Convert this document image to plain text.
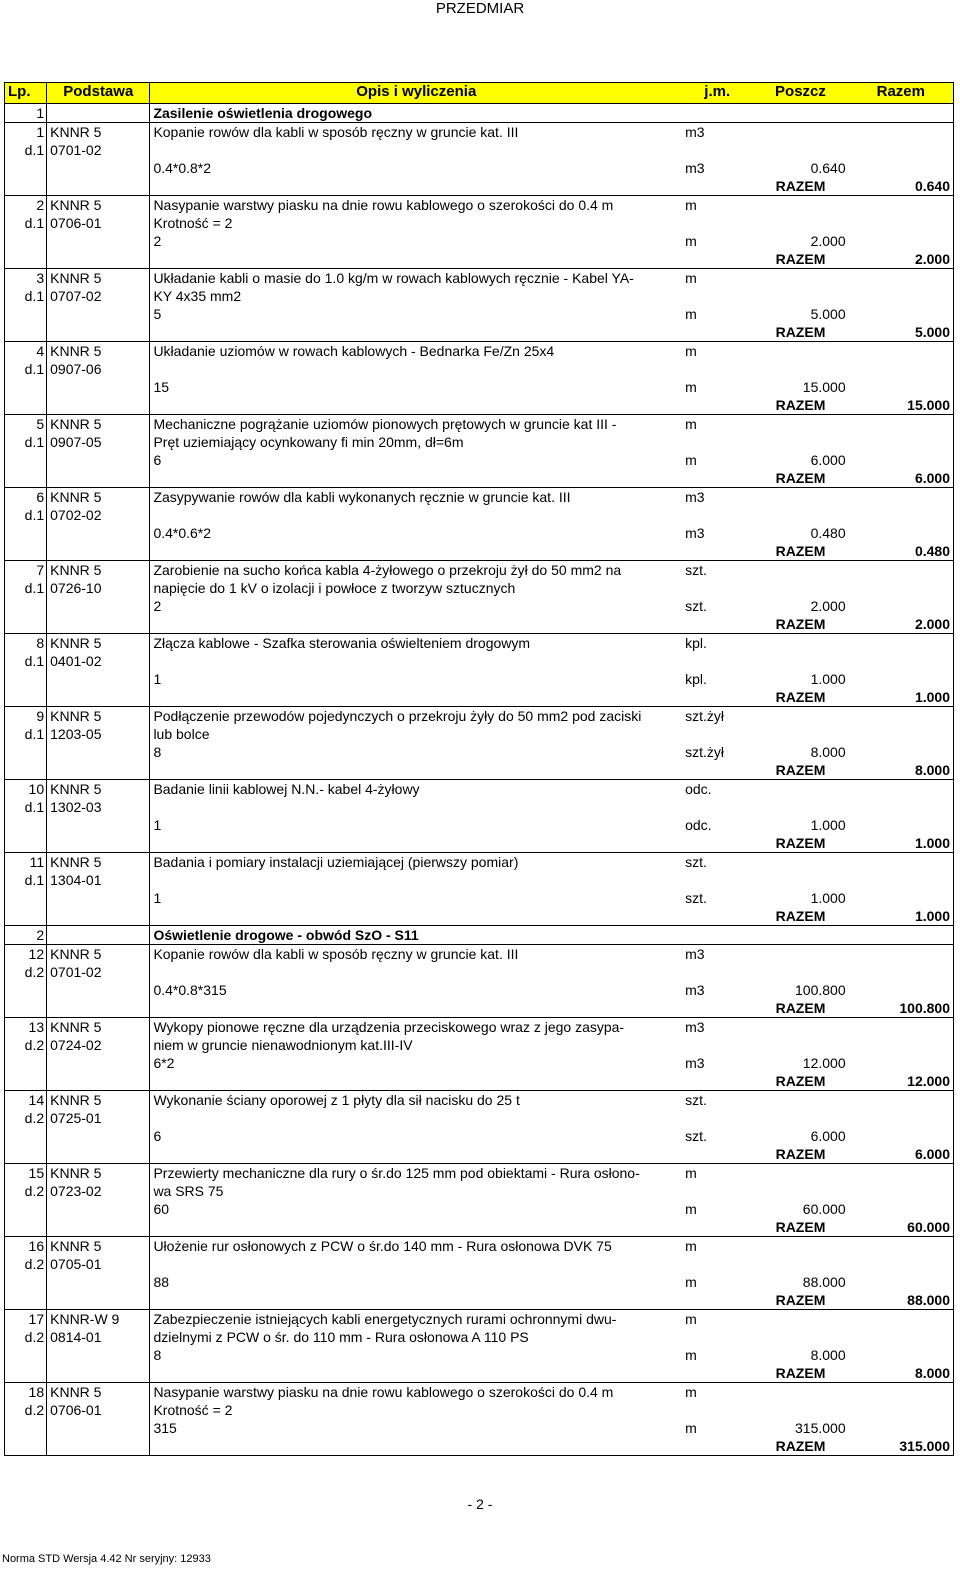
PRZEDMIAR
Lp.	Podstawa	Opis i wyliczenia	j.m.	Poszcz	Razem
1		Zasilenie oświetlenia drogowego			
1	KNNR 5	Kopanie rowów dla kabli w sposób ręczny w gruncie kat. III	m3		
d.1	0701-02				
		0.4*0.8*2	m3	0.640	
				RAZEM	0.640
2	KNNR 5	Nasypanie warstwy piasku na dnie rowu kablowego o szerokości do 0.4 m	m		
d.1	0706-01	Krotność = 2			
		2	m	2.000	
				RAZEM	2.000
3	KNNR 5	Układanie kabli o masie do 1.0 kg/m w rowach kablowych ręcznie - Kabel YA-	m		
d.1	0707-02	KY 4x35 mm2			
		5	m	5.000	
				RAZEM	5.000
4	KNNR 5	Układanie uziomów w rowach kablowych - Bednarka Fe/Zn 25x4	m		
d.1	0907-06				
		15	m	15.000	
				RAZEM	15.000
5	KNNR 5	Mechaniczne pogrążanie uziomów pionowych prętowych w gruncie kat III -	m		
d.1	0907-05	Pręt uziemiający ocynkowany fi min 20mm, dł=6m			
		6	m	6.000	
				RAZEM	6.000
6	KNNR 5	Zasypywanie rowów dla kabli wykonanych ręcznie w gruncie kat. III	m3		
d.1	0702-02				
		0.4*0.6*2	m3	0.480	
				RAZEM	0.480
7	KNNR 5	Zarobienie na sucho końca kabla 4-żyłowego o przekroju żył do 50 mm2 na	szt.		
d.1	0726-10	napięcie do 1 kV o izolacji i powłoce z tworzyw sztucznych			
		2	szt.	2.000	
				RAZEM	2.000
8	KNNR 5	Złącza kablowe - Szafka sterowania oświelteniem drogowym	kpl.		
d.1	0401-02				
		1	kpl.	1.000	
				RAZEM	1.000
9	KNNR 5	Podłączenie przewodów pojedynczych o przekroju żyły do 50 mm2 pod zaciski	szt.żył		
d.1	1203-05	lub bolce			
		8	szt.żył	8.000	
				RAZEM	8.000
10	KNNR 5	Badanie linii kablowej N.N.- kabel 4-żyłowy	odc.		
d.1	1302-03				
		1	odc.	1.000	
				RAZEM	1.000
11	KNNR 5	Badania i pomiary instalacji uziemiającej (pierwszy pomiar)	szt.		
d.1	1304-01				
		1	szt.	1.000	
				RAZEM	1.000
2		Oświetlenie drogowe - obwód SzO - S11			
12	KNNR 5	Kopanie rowów dla kabli w sposób ręczny w gruncie kat. III	m3		
d.2	0701-02				
		0.4*0.8*315	m3	100.800	
				RAZEM	100.800
13	KNNR 5	Wykopy pionowe ręczne dla urządzenia przeciskowego wraz z jego zasypa-	m3		
d.2	0724-02	niem w gruncie nienawodnionym kat.III-IV			
		6*2	m3	12.000	
				RAZEM	12.000
14	KNNR 5	Wykonanie ściany oporowej z 1 płyty dla sił nacisku do 25 t	szt.		
d.2	0725-01				
		6	szt.	6.000	
				RAZEM	6.000
15	KNNR 5	Przewierty mechaniczne dla rury o śr.do 125 mm pod obiektami - Rura osłono-	m		
d.2	0723-02	wa SRS 75			
		60	m	60.000	
				RAZEM	60.000
16	KNNR 5	Ułożenie rur osłonowych z PCW o śr.do 140 mm - Rura osłonowa DVK 75	m		
d.2	0705-01				
		88	m	88.000	
				RAZEM	88.000
17	KNNR-W 9	Zabezpieczenie istniejących kabli energetycznych rurami ochronnymi dwu-	m		
d.2	0814-01	dzielnymi z PCW o śr. do 110 mm - Rura osłonowa A 110 PS			
		8	m	8.000	
				RAZEM	8.000
18	KNNR 5	Nasypanie warstwy piasku na dnie rowu kablowego o szerokości do 0.4 m	m		
d.2	0706-01	Krotność = 2			
		315	m	315.000	
				RAZEM	315.000
- 2 -
Norma STD Wersja 4.42 Nr seryjny: 12933
